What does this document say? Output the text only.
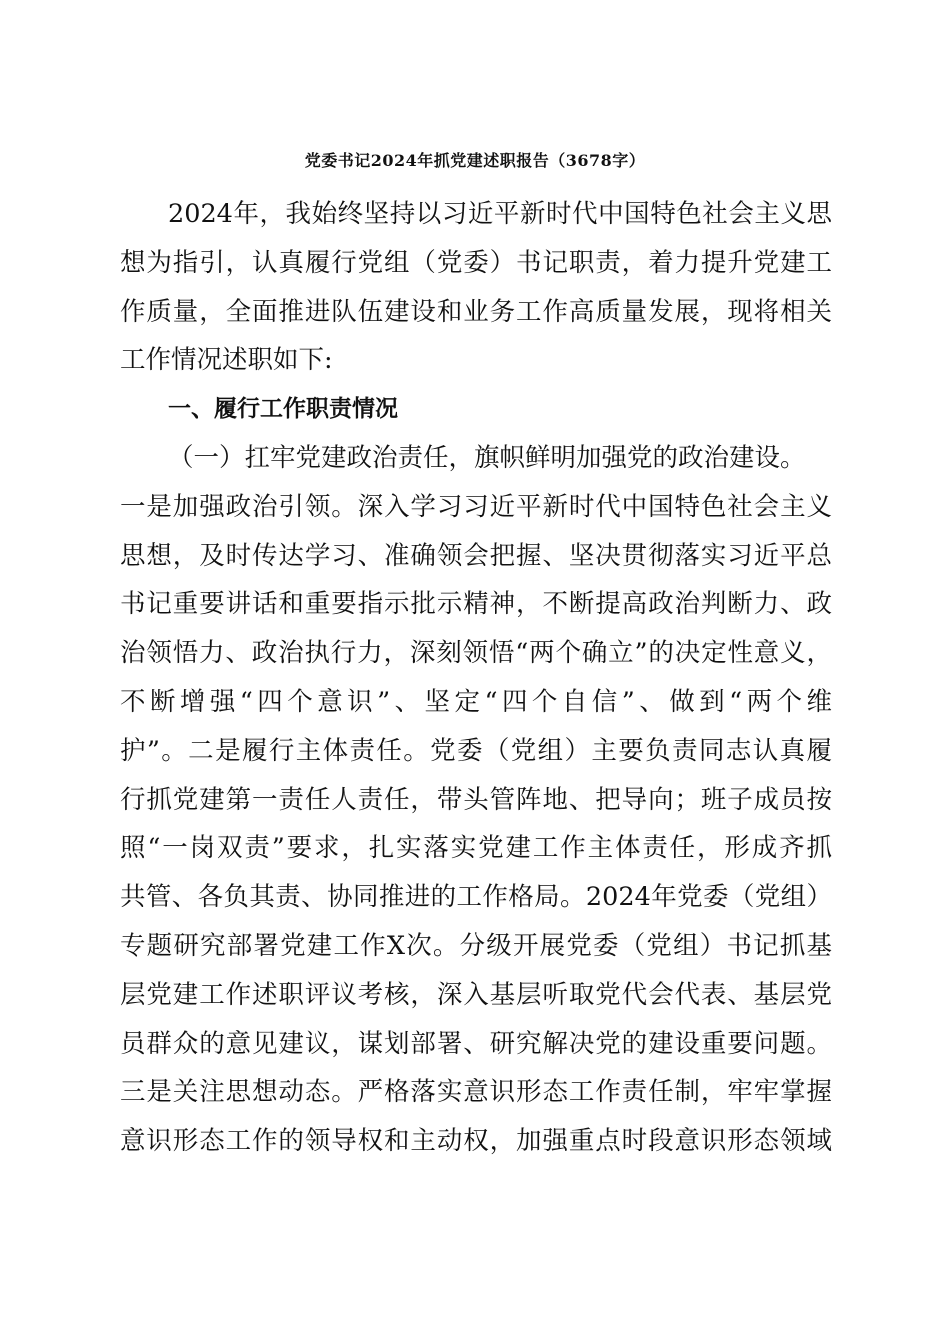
党委书记2024年抓党建述职报告（3678字）
2024年，我始终坚持以习近平新时代中国特色社会主义思
想为指引，认真履行党组（党委）书记职责，着力提升党建工
作质量，全面推进队伍建设和业务工作高质量发展，现将相关
工作情况述职如下:
一、履行工作职责情况
（一）扛牢党建政治责任，旗帜鲜明加强党的政治建设。
一是加强政治引领。深入学习习近平新时代中国特色社会主义
思想，及时传达学习、准确领会把握、坚决贯彻落实习近平总
书记重要讲话和重要指示批示精神，不断提高政治判断力、政
治领悟力、政治执行力，深刻领悟“两个确立”的决定性意义，
不断增强“四个意识”、坚定“四个自信”、做到“两个维
护”。二是履行主体责任。党委（党组）主要负责同志认真履
行抓党建第一责任人责任，带头管阵地、把导向；班子成员按
照“一岗双责”要求，扎实落实党建工作主体责任，形成齐抓
共管、各负其责、协同推进的工作格局。2024年党委（党组）
专题研究部署党建工作X次。分级开展党委（党组）书记抓基
层党建工作述职评议考核，深入基层听取党代会代表、基层党
员群众的意见建议，谋划部署、研究解决党的建设重要问题。
三是关注思想动态。严格落实意识形态工作责任制，牢牢掌握
意识形态工作的领导权和主动权，加强重点时段意识形态领域
